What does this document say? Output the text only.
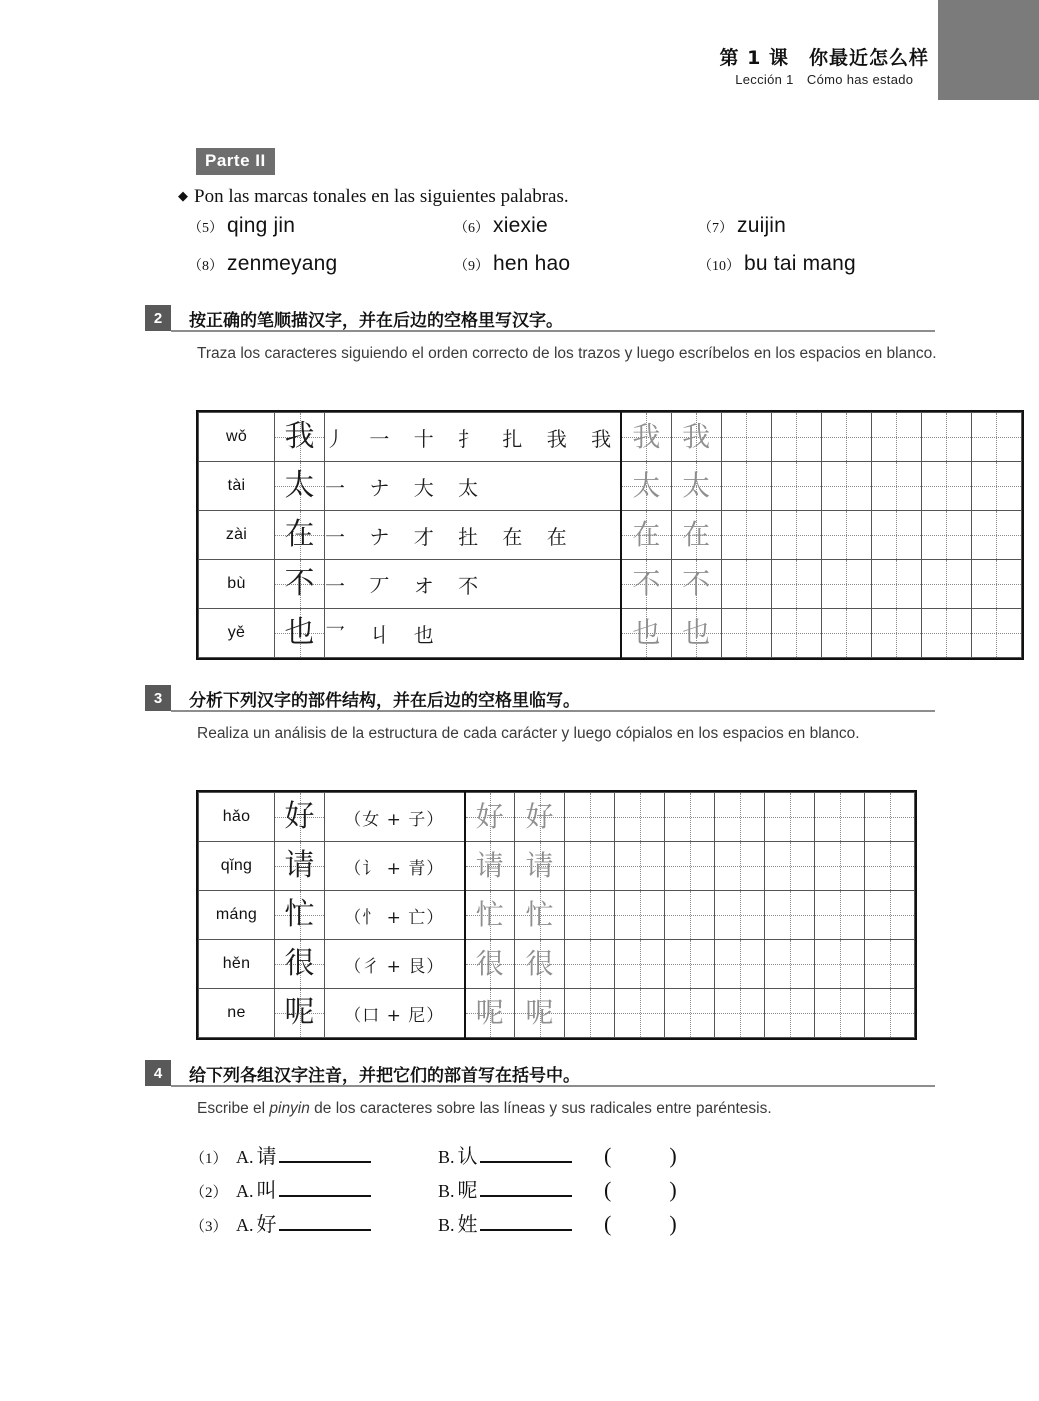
第 1 课　你最近怎么样
Lección 1　Cómo has estado
Parte II
◆ Pon las marcas tonales en las siguientes palabras.
（5） qing jin	（6） xiexie	（7） zuijin
（8） zenmeyang	（9） hen hao	（10） bu tai mang
2	按正确的笔顺描汉字，并在后边的空格里写汉字。
Traza los caracteres siguiendo el orden correcto de los trazos y luego escríbelos en los espacios en blanco.
wǒ	我	丿 一 十 扌 扎 我 我	我	我	

tài	太	一 ナ 大 太	太	太	

zài	在	一 ナ 才 扗 在 在	在	在	

bù	不	一 丆 オ 不	不	不	

yě	也	乛 丩 也	也	也	

3	分析下列汉字的部件结构，并在后边的空格里临写。
Realiza un análisis de la estructura de cada carácter y luego cópialos en los espacios en blanco.
hǎo	好	（女 + 子）	好	好	

qǐng	请	（讠 + 青）	请	请	

máng	忙	（忄 + 亡）	忙	忙	

hěn	很	（彳 + 艮）	很	很	

ne	呢	（口 + 尼）	呢	呢	

4	给下列各组汉字注音，并把它们的部首写在括号中。
Escribe el pinyin de los caracteres sobre las líneas y sus radicales entre paréntesis.
（1） A. 请	B. 认	()
（2） A. 叫	B. 呢	()
（3） A. 好	B. 姓	()
